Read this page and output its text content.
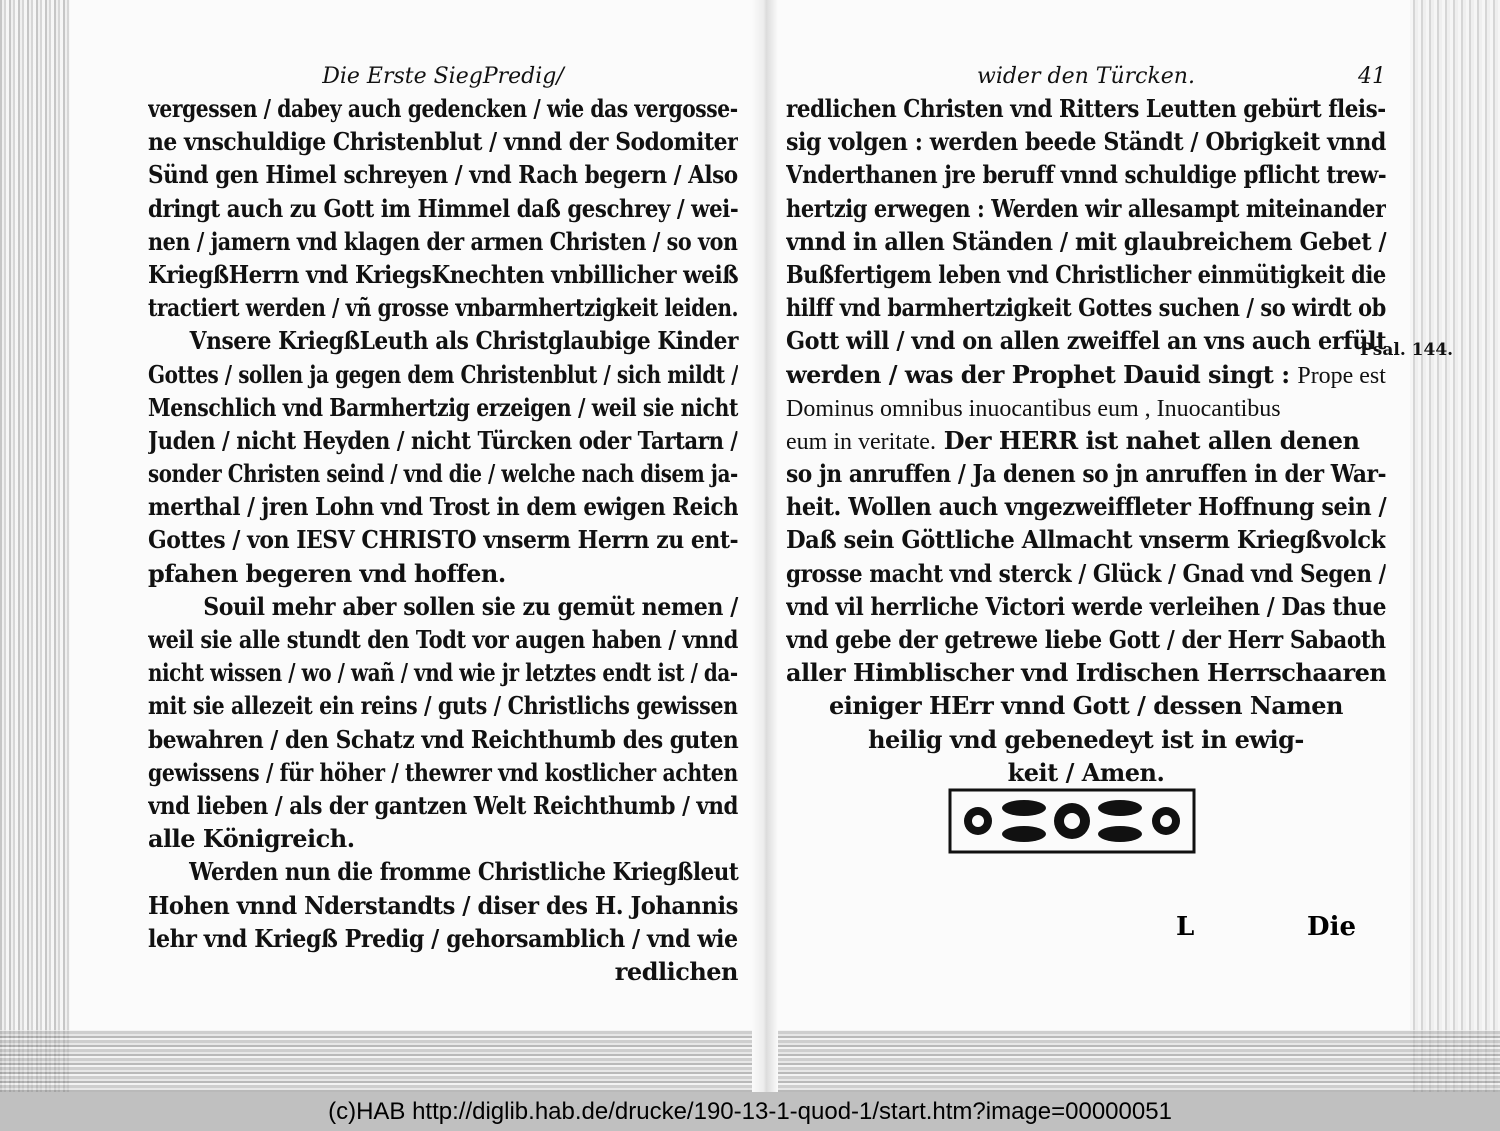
Die Erste SiegPredig/
vergessen / dabey auch gedencken / wie das vergosse-
ne vnschuldige Christenblut / vnnd der Sodomiter
Sünd gen Himel schreyen / vnd Rach begern / Also
dringt auch zu Gott im Himmel daß geschrey / wei-
nen / jamern vnd klagen der armen Christen / so von
KriegßHerrn vnd KriegsKnechten vnbillicher weiß
tractiert werden / vñ grosse vnbarmhertzigkeit leiden.
Vnsere KriegßLeuth als Christglaubige Kinder
Gottes / sollen ja gegen dem Christenblut / sich mildt /
Menschlich vnd Barmhertzig erzeigen / weil sie nicht
Juden / nicht Heyden / nicht Türcken oder Tartarn /
sonder Christen seind / vnd die / welche nach disem ja-
merthal / jren Lohn vnd Trost in dem ewigen Reich
Gottes / von IESV CHRISTO vnserm Herrn zu ent-
pfahen begeren vnd hoffen.
Souil mehr aber sollen sie zu gemüt nemen /
weil sie alle stundt den Todt vor augen haben / vnnd
nicht wissen / wo / wañ / vnd wie jr letztes endt ist / da-
mit sie allezeit ein reins / guts / Christlichs gewissen
bewahren / den Schatz vnd Reichthumb des guten
gewissens / für höher / thewrer vnd kostlicher achten
vnd lieben / als der gantzen Welt Reichthumb / vnd
alle Königreich.
Werden nun die fromme Christliche Kriegßleut
Hohen vnnd Nderstandts / diser des H. Johannis
lehr vnd Kriegß Predig / gehorsamblich / vnd wie
redlichen
wider den Türcken.	41
redlichen Christen vnd Ritters Leutten gebürt fleis-
sig volgen : werden beede Ständt / Obrigkeit vnnd
Vnderthanen jre beruff vnnd schuldige pflicht trew-
hertzig erwegen : Werden wir allesampt miteinander
vnnd in allen Ständen / mit glaubreichem Gebet /
Bußfertigem leben vnd Christlicher einmütigkeit die
hilff vnd barmhertzigkeit Gottes suchen / so wirdt ob
Gott will / vnd on allen zweiffel an vns auch erfült
werden / was der Prophet Dauid singt : Prope est
Dominus omnibus inuocantibus eum , Inuocantibus
eum in veritate. Der HERR ist nahet allen denen
so jn anruffen / Ja denen so jn anruffen in der War-
heit. Wollen auch vngezweiffleter Hoffnung sein /
Daß sein Göttliche Allmacht vnserm Kriegßvolck
grosse macht vnd sterck / Glück / Gnad vnd Segen /
vnd vil herrliche Victori werde verleihen / Das thue
vnd gebe der getrewe liebe Gott / der Herr Sabaoth
aller Himblischer vnd Irdischen Herrschaaren
einiger HErr vnnd Gott / dessen Namen
heilig vnd gebenedeyt ist in ewig-
keit / Amen.
Psal. 144.
L	Die
(c)HAB http://diglib.hab.de/drucke/190-13-1-quod-1/start.htm?image=00000051
